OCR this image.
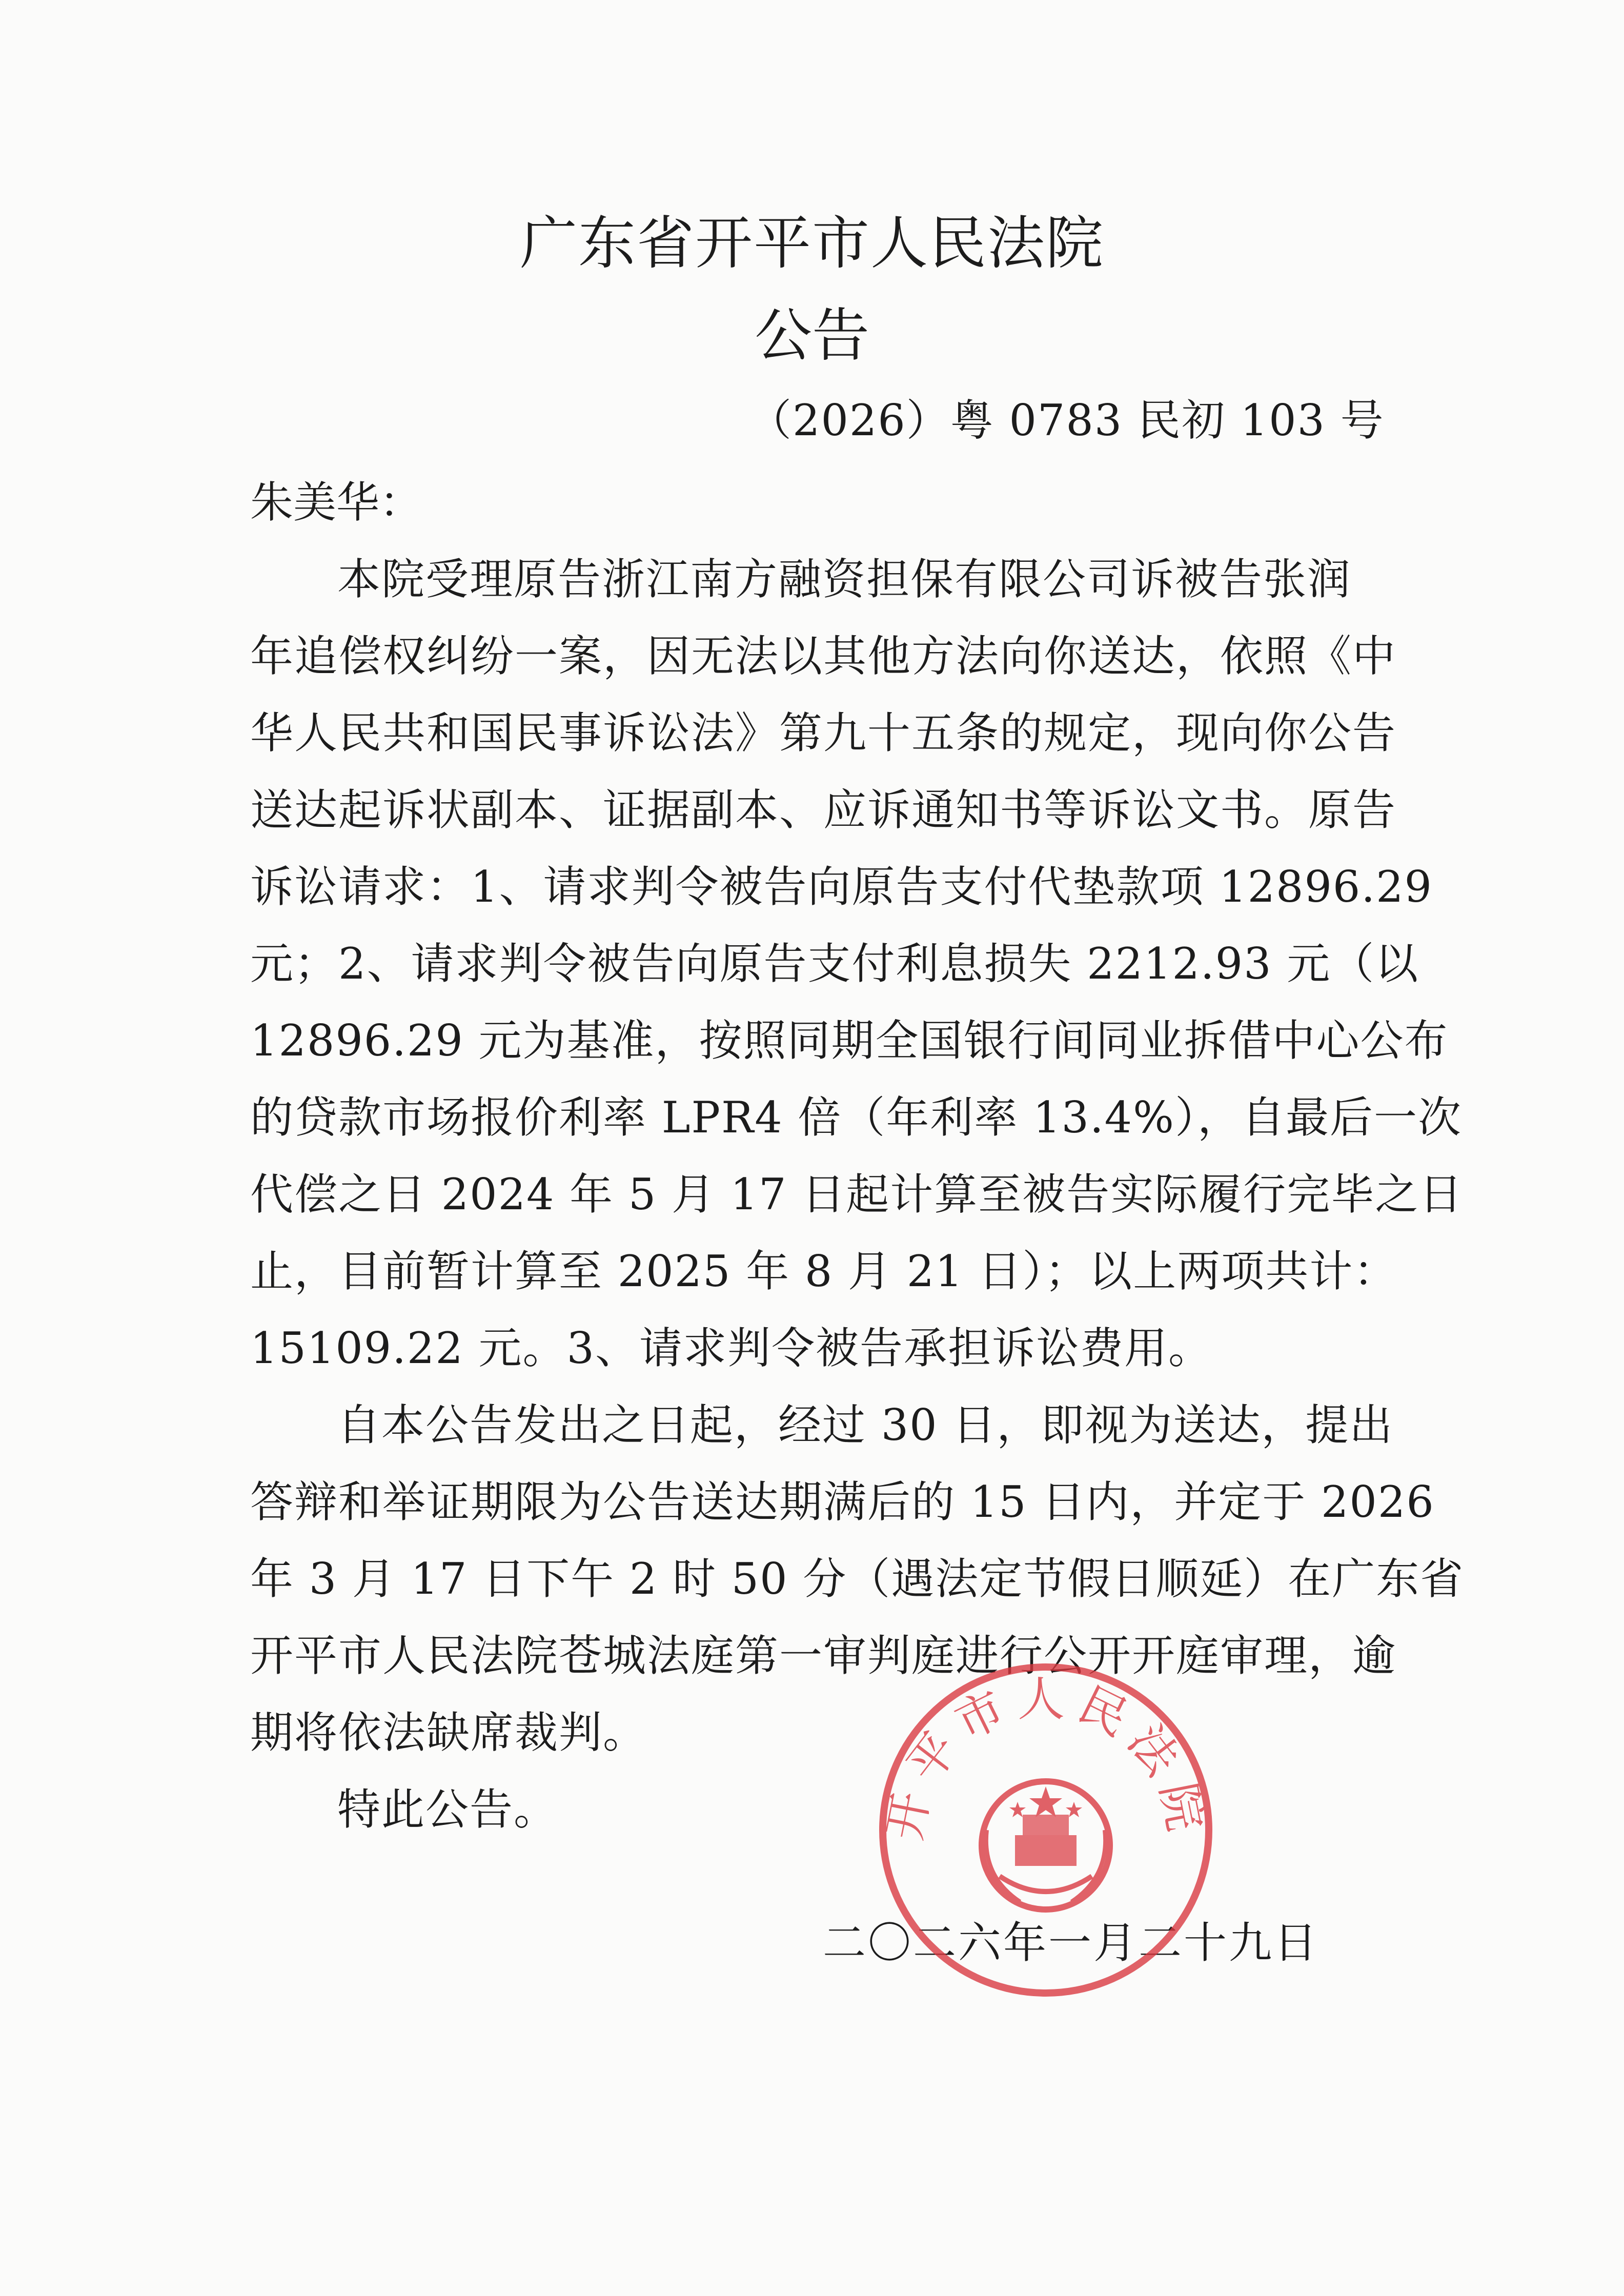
广东省开平市人民法院
公告
（2026）粤 0783 民初 103 号
朱美华：
本院受理原告浙江南方融资担保有限公司诉被告张润
年追偿权纠纷一案，因无法以其他方法向你送达，依照《中
华人民共和国民事诉讼法》第九十五条的规定，现向你公告
送达起诉状副本、证据副本、应诉通知书等诉讼文书。原告
诉讼请求：1、请求判令被告向原告支付代垫款项 12896.29
元；2、请求判令被告向原告支付利息损失 2212.93 元（以
12896.29 元为基准，按照同期全国银行间同业拆借中心公布
的贷款市场报价利率 LPR4 倍（年利率 13.4%），自最后一次
代偿之日 2024 年 5 月 17 日起计算至被告实际履行完毕之日
止，目前暂计算至 2025 年 8 月 21 日）；以上两项共计：
15109.22 元。3、请求判令被告承担诉讼费用。
自本公告发出之日起，经过 30 日，即视为送达，提出
答辩和举证期限为公告送达期满后的 15 日内，并定于 2026
年 3 月 17 日下午 2 时 50 分（遇法定节假日顺延）在广东省
开平市人民法院苍城法庭第一审判庭进行公开开庭审理，逾
期将依法缺席裁判。
特此公告。
二〇二六年一月二十九日
开平市人民法院
